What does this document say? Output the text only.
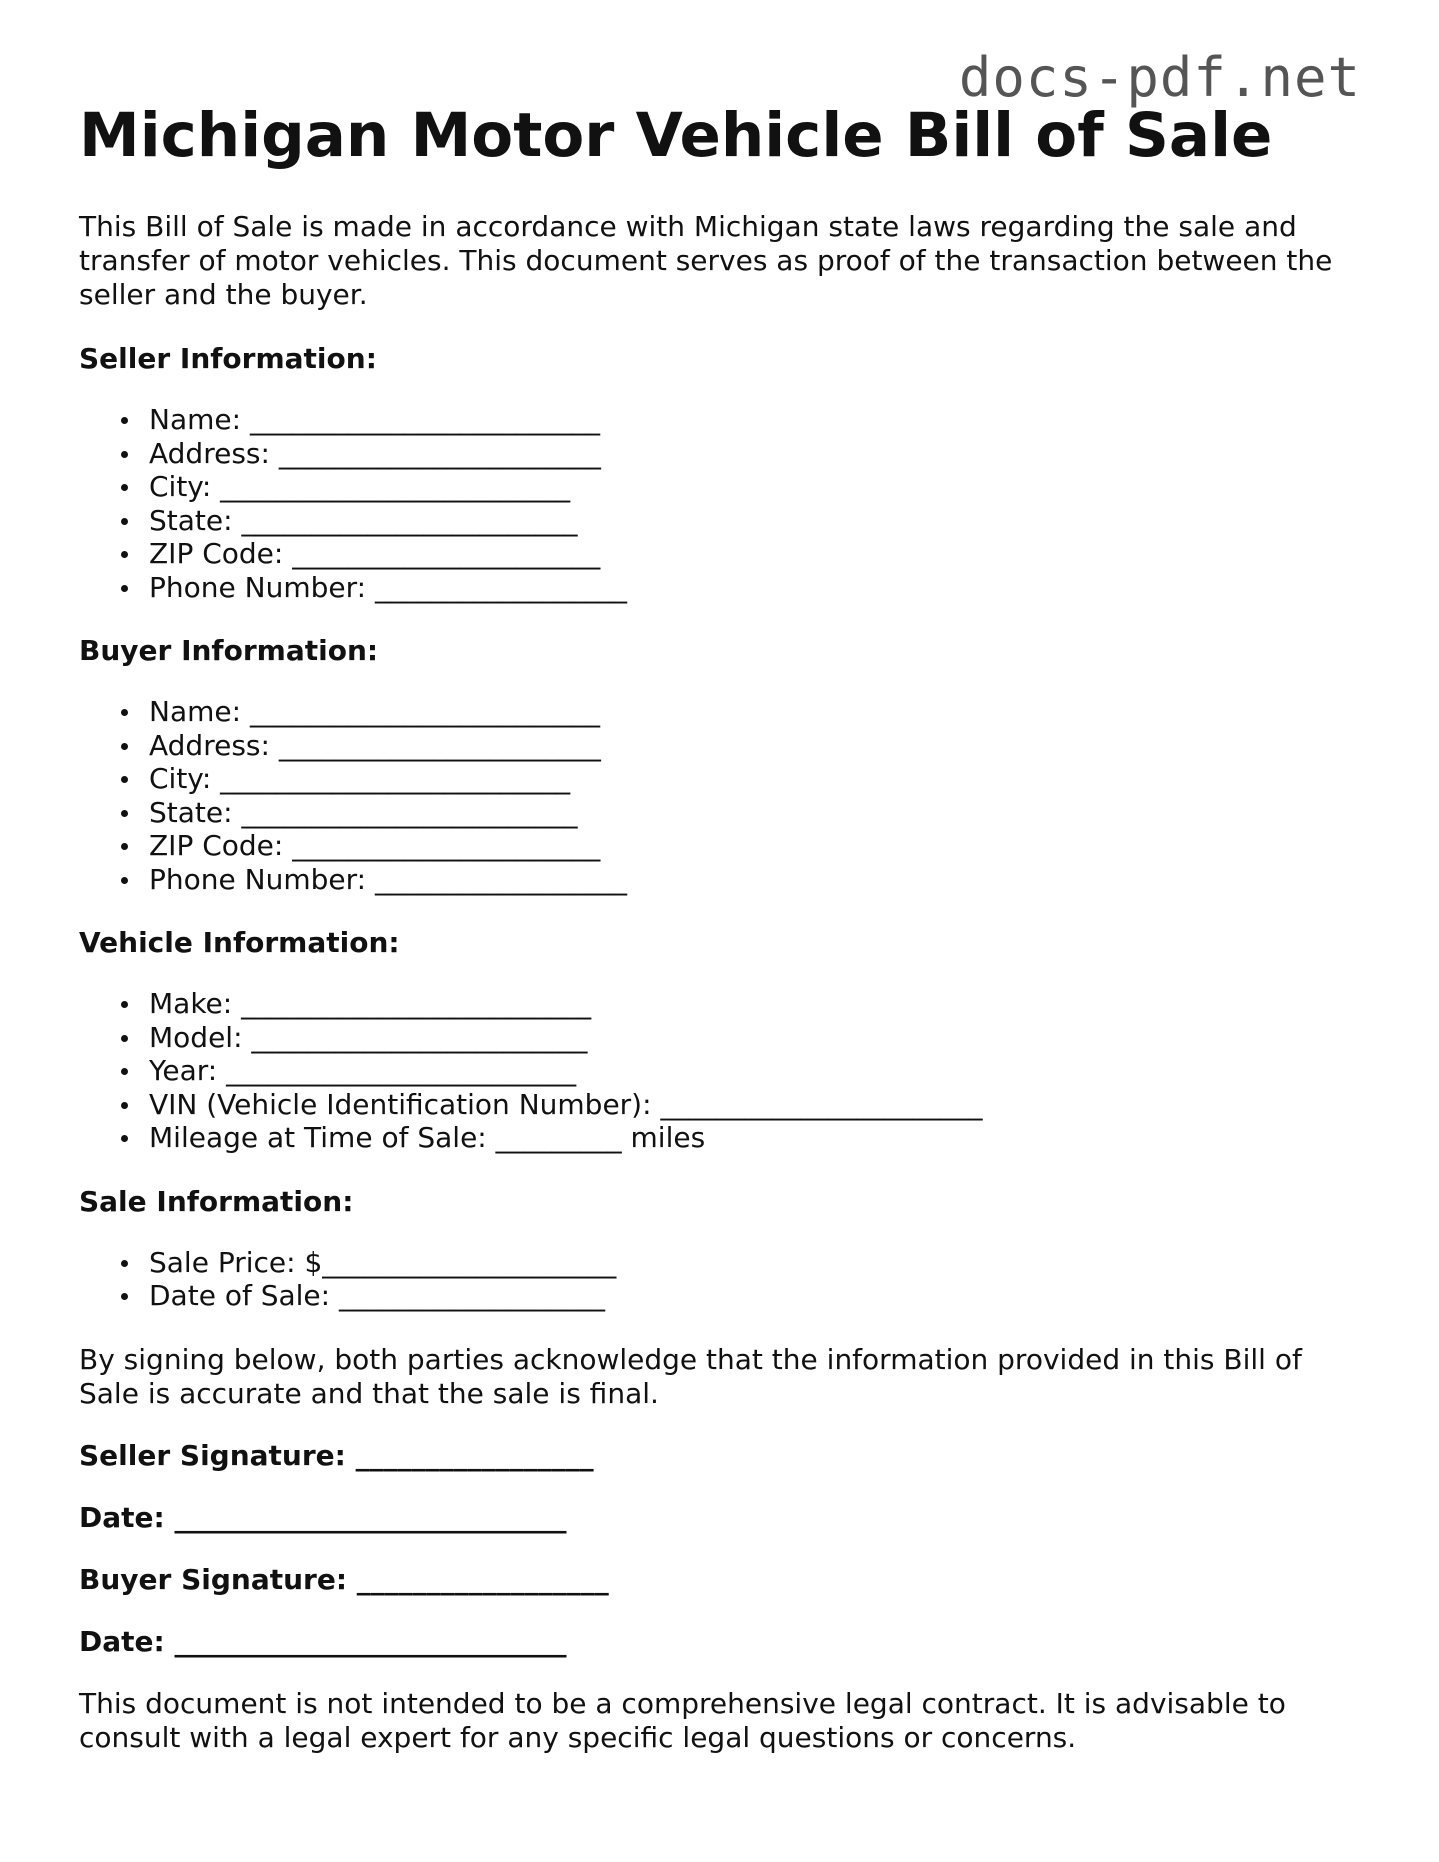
docs-pdf.net
Michigan Motor Vehicle Bill of Sale

This Bill of Sale is made in accordance with Michigan state laws regarding the sale and transfer of motor vehicles. This document serves as proof of the transaction between the seller and the buyer.

Seller Information:
Name: _________________________
Address: _______________________
City: _________________________
State: ________________________
ZIP Code: ______________________
Phone Number: __________________
Buyer Information:
Name: _________________________
Address: _______________________
City: _________________________
State: ________________________
ZIP Code: ______________________
Phone Number: __________________
Vehicle Information:
Make: _________________________
Model: ________________________
Year: _________________________
VIN (Vehicle Identification Number): _______________________
Mileage at Time of Sale: _________ miles
Sale Information:
Sale Price: $_____________________
Date of Sale: ___________________

By signing below, both parties acknowledge that the information provided in this Bill of Sale is accurate and that the sale is final.

Seller Signature: _________________
Date: ____________________________
Buyer Signature: __________________
Date: ____________________________

This document is not intended to be a comprehensive legal contract. It is advisable to consult with a legal expert for any specific legal questions or concerns.
